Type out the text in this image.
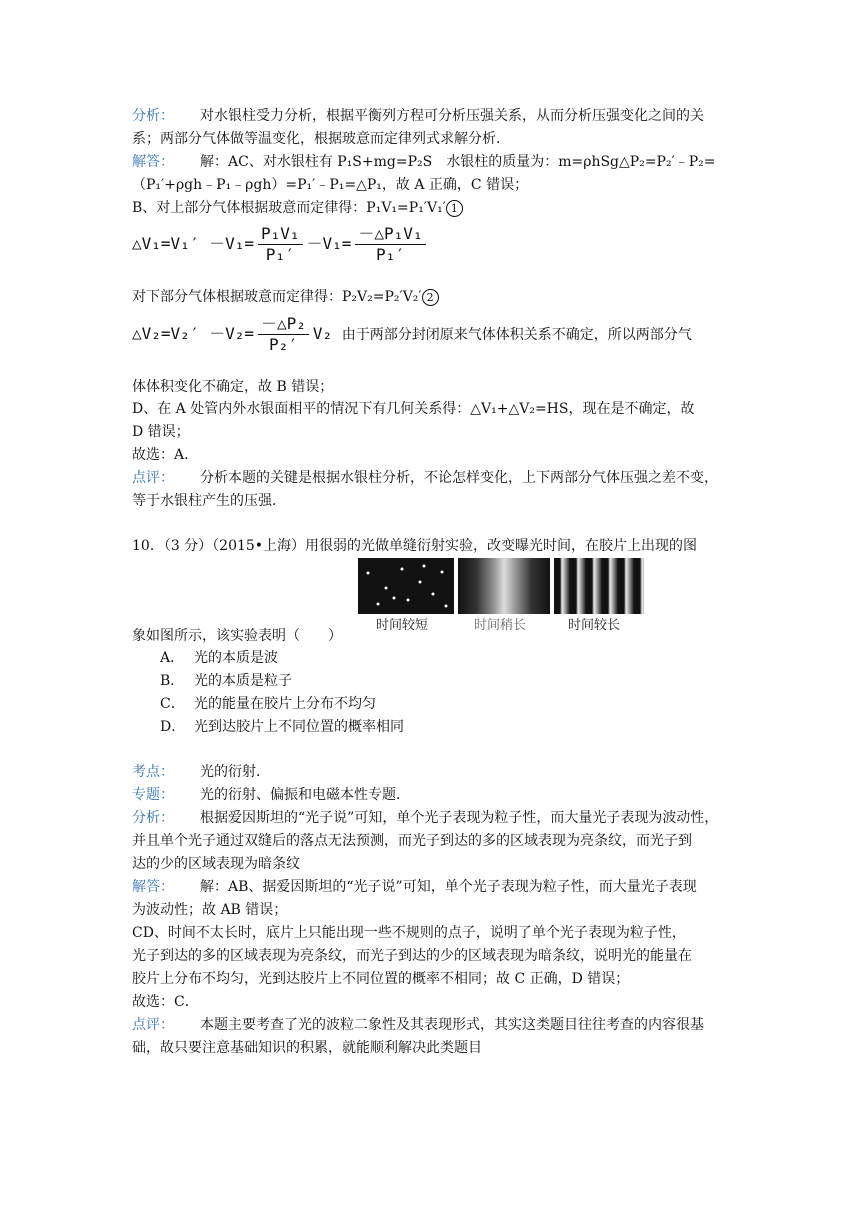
分析： 对水银柱受力分析，根据平衡列方程可分析压强关系，从而分析压强变化之间的关
系；两部分气体做等温变化，根据玻意而定律列式求解分析．
解答： 解：AC、对水银柱有 P₁S+mg=P₂S　水银柱的质量为：m=ρhSg△P₂=P₂′﹣P₂=
（P₁′+ρgh﹣P₁﹣ρgh）=P₁′﹣P₁=△P₁，故 A 正确，C 错误；
B、对上部分气体根据玻意而定律得：P₁V₁=P₁′V₁′ 1
△V₁=V₁′ $-V_1= \frac{\text{P₁V₁}}{\text{P₁′}} -V_1= \frac{\text{－△P₁V₁}}{\text{P₁′}}$
对下部分气体根据玻意而定律得：P₂V₂=P₂′V₂′ 2
△V₂=V₂′ $-V_2= \frac{\text{－△P₂}}{\text{P₂′}} V_2$ 由于两部分封闭原来气体体积关系不确定，所以两部分气
体体积变化不确定，故 B 错误；
D、在 A 处管内外水银面相平的情况下有几何关系得：△V₁+△V₂=HS，现在是不确定，故
D 错误；
故选：A．
点评： 分析本题的关键是根据水银柱分析，不论怎样变化，上下两部分气体压强之差不变，
等于水银柱产生的压强．
10．（3 分）（2015•上海）用很弱的光做单缝衍射实验，改变曝光时间，在胶片上出现的图
时间较短	时间稍长	时间较长
象如图所示，该实验表明（　　）
A． 光的本质是波
B． 光的本质是粒子
C． 光的能量在胶片上分布不均匀
D． 光到达胶片上不同位置的概率相同
考点： 光的衍射．
专题： 光的衍射、偏振和电磁本性专题．
分析： 根据爱因斯坦的“光子说”可知，单个光子表现为粒子性，而大量光子表现为波动性，
并且单个光子通过双缝后的落点无法预测，而光子到达的多的区域表现为亮条纹，而光子到
达的少的区域表现为暗条纹
解答： 解：AB、据爱因斯坦的“光子说”可知，单个光子表现为粒子性，而大量光子表现
为波动性；故 AB 错误；
CD、时间不太长时，底片上只能出现一些不规则的点子，说明了单个光子表现为粒子性，
光子到达的多的区域表现为亮条纹，而光子到达的少的区域表现为暗条纹，说明光的能量在
胶片上分布不均匀，光到达胶片上不同位置的概率不相同；故 C 正确，D 错误；
故选：C．
点评： 本题主要考查了光的波粒二象性及其表现形式，其实这类题目往往考查的内容很基
础，故只要注意基础知识的积累，就能顺利解决此类题目
